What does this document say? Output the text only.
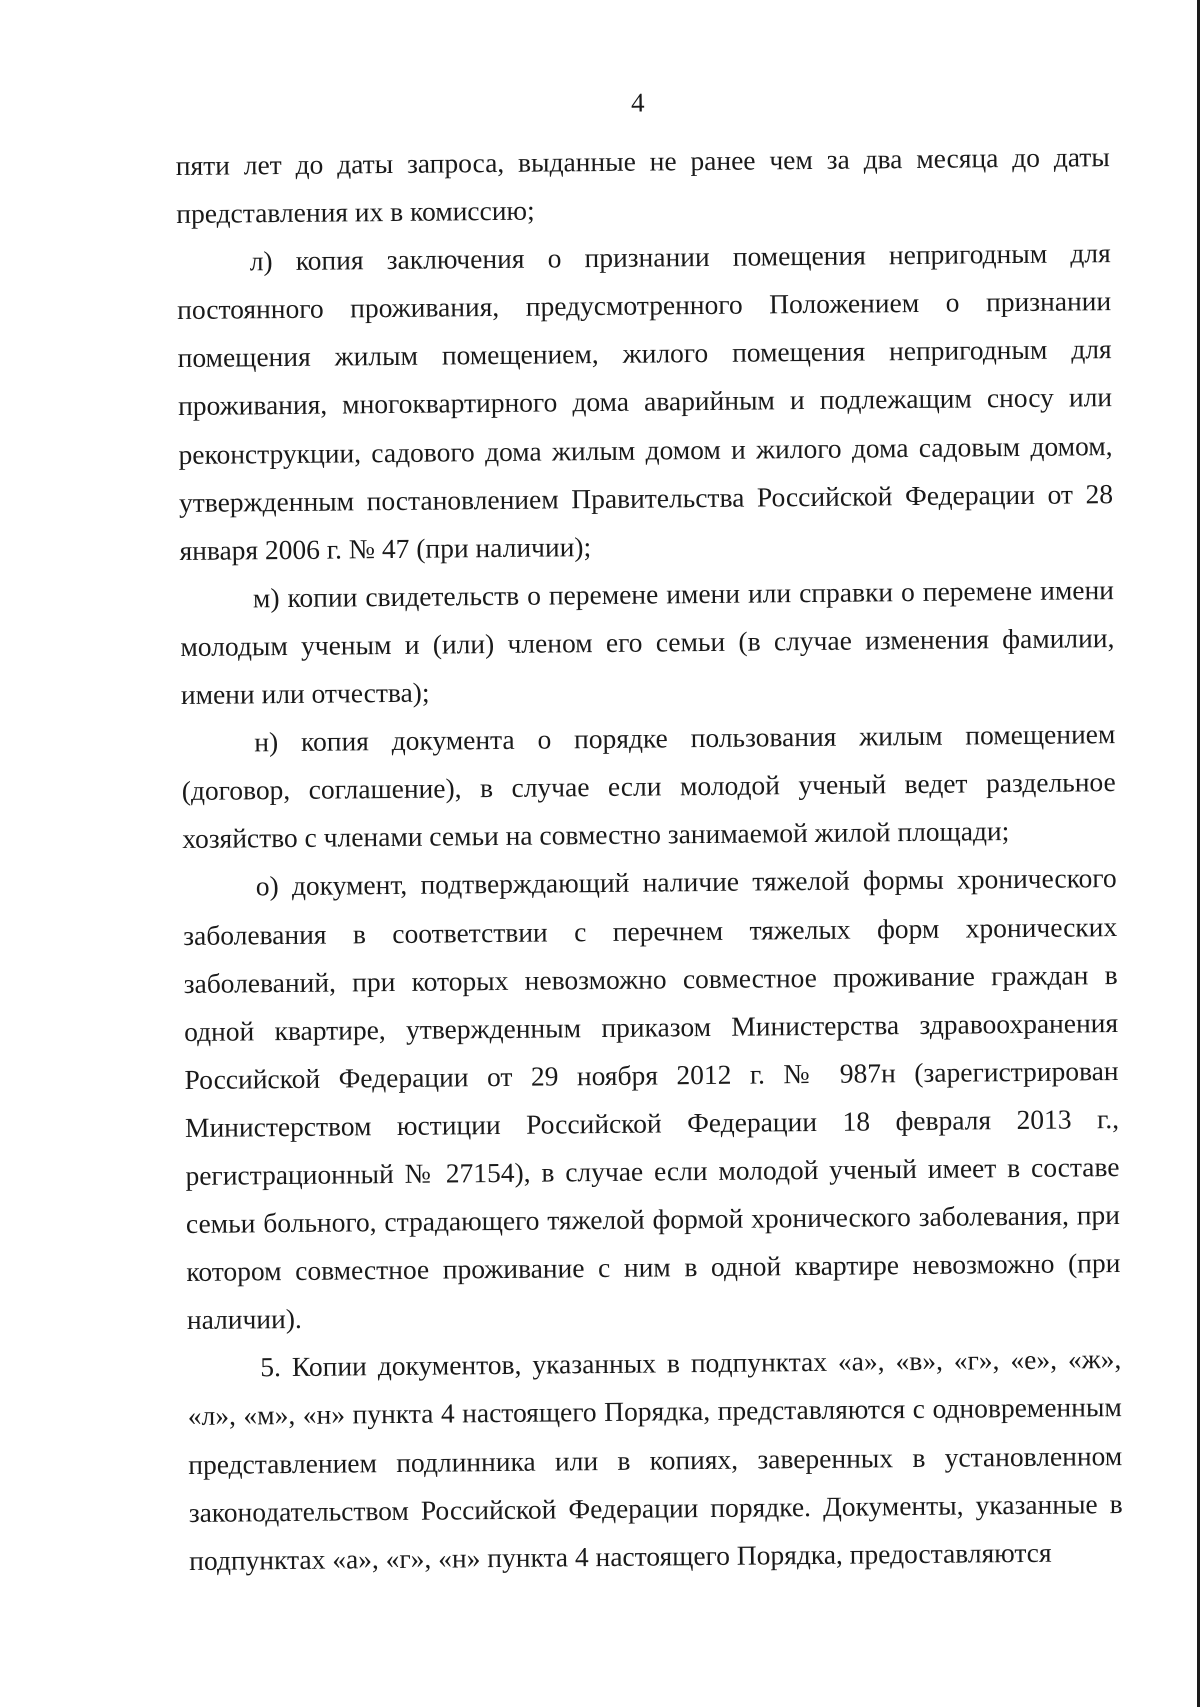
4

пяти лет до даты запроса, выданные не ранее чем за два месяца до даты представления их в комиссию;

л) копия заключения о признании помещения непригодным для постоянного проживания, предусмотренного Положением о признании помещения жилым помещением, жилого помещения непригодным для проживания, многоквартирного дома аварийным и подлежащим сносу или реконструкции, садового дома жилым домом и жилого дома садовым домом, утвержденным постановлением Правительства Российской Федерации от 28 января 2006 г. № 47 (при наличии);

м) копии свидетельств о перемене имени или справки о перемене имени молодым ученым и (или) членом его семьи (в случае изменения фамилии, имени или отчества);

н) копия документа о порядке пользования жилым помещением (договор, соглашение), в случае если молодой ученый ведет раздельное хозяйство с членами семьи на совместно занимаемой жилой площади;

о) документ, подтверждающий наличие тяжелой формы хронического заболевания в соответствии с перечнем тяжелых форм хронических заболеваний, при которых невозможно совместное проживание граждан в одной квартире, утвержденным приказом Министерства здравоохранения Российской Федерации от 29 ноября 2012 г. № 987н (зарегистрирован Министерством юстиции Российской Федерации 18 февраля 2013 г., регистрационный № 27154), в случае если молодой ученый имеет в составе семьи больного, страдающего тяжелой формой хронического заболевания, при котором совместное проживание с ним в одной квартире невозможно (при наличии).

5. Копии документов, указанных в подпунктах «а», «в», «г», «е», «ж», «л», «м», «н» пункта 4 настоящего Порядка, представляются с одновременным представлением подлинника или в копиях, заверенных в установленном законодательством Российской Федерации порядке. Документы, указанные в подпунктах «а», «г», «н» пункта 4 настоящего Порядка, предоставляются
